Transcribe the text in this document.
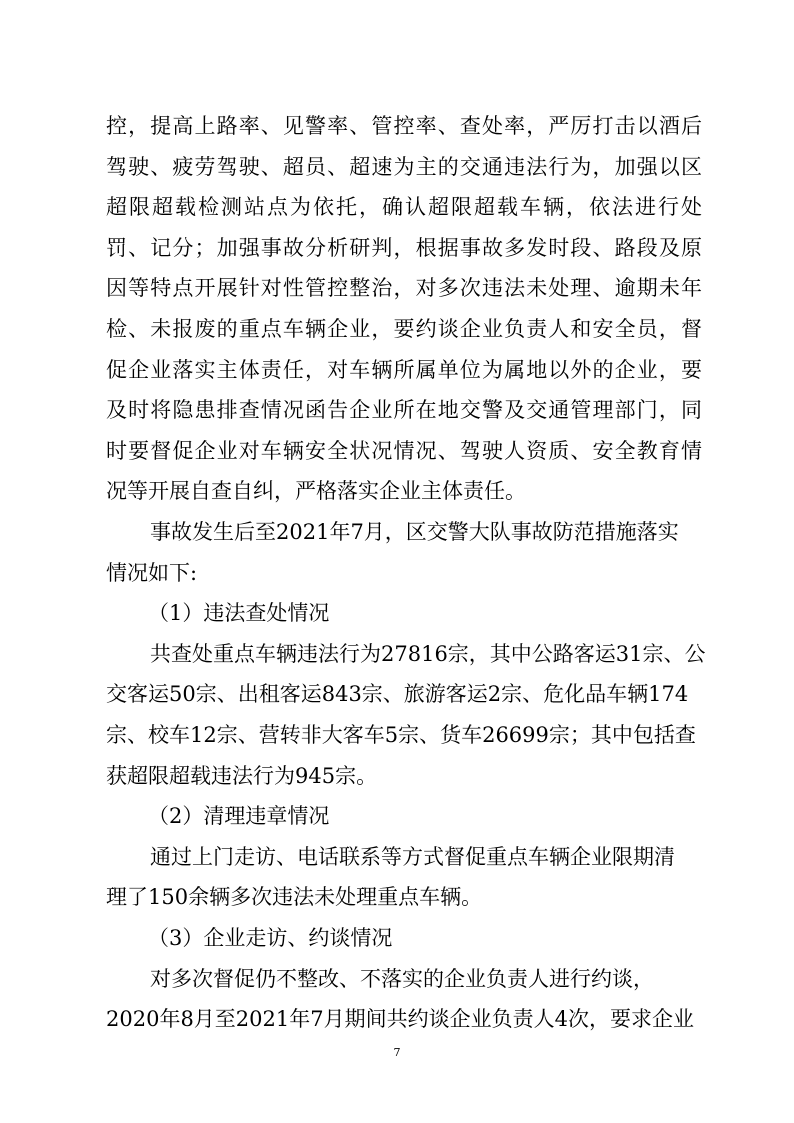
控，提高上路率、见警率、管控率、查处率，严厉打击以酒后
驾驶、疲劳驾驶、超员、超速为主的交通违法行为，加强以区
超限超载检测站点为依托，确认超限超载车辆，依法进行处
罚、记分；加强事故分析研判，根据事故多发时段、路段及原
因等特点开展针对性管控整治，对多次违法未处理、逾期未年
检、未报废的重点车辆企业，要约谈企业负责人和安全员，督
促企业落实主体责任，对车辆所属单位为属地以外的企业，要
及时将隐患排查情况函告企业所在地交警及交通管理部门，同
时要督促企业对车辆安全状况情况、驾驶人资质、安全教育情
况等开展自查自纠，严格落实企业主体责任。
事故发生后至2021年7月，区交警大队事故防范措施落实
情况如下:
（1）违法查处情况
共查处重点车辆违法行为27816宗，其中公路客运31宗、公
交客运50宗、出租客运843宗、旅游客运2宗、危化品车辆174
宗、校车12宗、营转非大客车5宗、货车26699宗；其中包括查
获超限超载违法行为945宗。
（2）清理违章情况
通过上门走访、电话联系等方式督促重点车辆企业限期清
理了150余辆多次违法未处理重点车辆。
（3）企业走访、约谈情况
对多次督促仍不整改、不落实的企业负责人进行约谈，
2020年8月至2021年7月期间共约谈企业负责人4次，要求企业
7
